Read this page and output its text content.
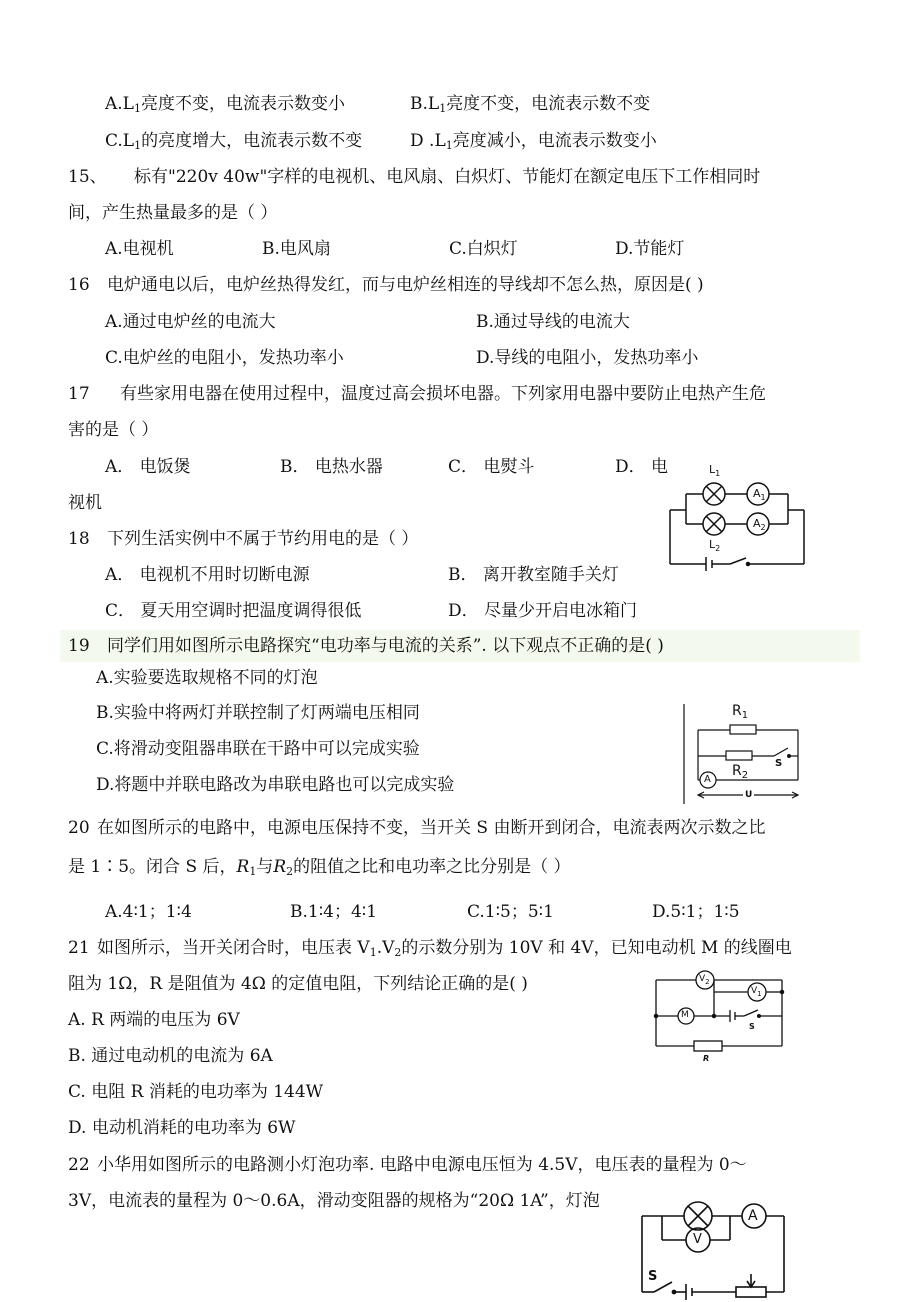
$A.L_1$亮度不变，电流表示数变小	$B.L_1$亮度不变，电流表示数不变
$C.L_1$的亮度增大，电流表示数不变	D $.L_1$亮度减小，电流表示数变小
15、 标有"220v 40w"字样的电视机、电风扇、白炽灯、节能灯在额定电压下工作相同时
间，产生热量最多的是（ ）
A.电视机	B.电风扇	C.白炽灯	D.节能灯
16 电炉通电以后，电炉丝热得发红，而与电炉丝相连的导线却不怎么热，原因是( )
A.通过电炉丝的电流大	B.通过导线的电流大
C.电炉丝的电阻小，发热功率小	D.导线的电阻小，发热功率小
17 有些家用电器在使用过程中，温度过高会损坏电器。下列家用电器中要防止电热产生危
害的是（ ）
A． 电饭煲	B． 电热水器	C． 电熨斗	D． 电
视机
$L_1$
$A_1$
$A_2$
$L_2$
18 下列生活实例中不属于节约用电的是（ ）
A． 电视机不用时切断电源	B． 离开教室随手关灯
C． 夏天用空调时把温度调得很低	D． 尽量少开启电冰箱门
19 同学们用如图所示电路探究“电功率与电流的关系”. 以下观点不正确的是( )
A.实验要选取规格不同的灯泡
B.实验中将两灯并联控制了灯两端电压相同
C.将滑动变阻器串联在干路中可以完成实验
D.将题中并联电路改为串联电路也可以完成实验
$R_1$
$R_2$
S
A
U
20 在如图所示的电路中，电源电压保持不变，当开关 S 由断开到闭合，电流表两次示数之比
是 1∶5。闭合 S 后，$R_1$与$R_2$的阻值之比和电功率之比分别是（ ）
A.4∶1；1∶4	B.1∶4；4∶1	C.1∶5；5∶1	D.5∶1；1∶5
21 如图所示，当开关闭合时，电压表 $V_1.V_2$的示数分别为 10V 和 4V，已知电动机 M 的线圈电
阻为 1Ω，R 是阻值为 4Ω 的定值电阻，下列结论正确的是( )
A. R 两端的电压为 6V
B. 通过电动机的电流为 6A
C. 电阻 R 消耗的电功率为 144W
D. 电动机消耗的电功率为 6W
$V_2$
$V_1$
M
S
R
22 小华用如图所示的电路测小灯泡功率. 电路中电源电压恒为 4.5V，电压表的量程为 0～
3V，电流表的量程为 0～0.6A，滑动变阻器的规格为“20Ω 1A”，灯泡
A
V
S
